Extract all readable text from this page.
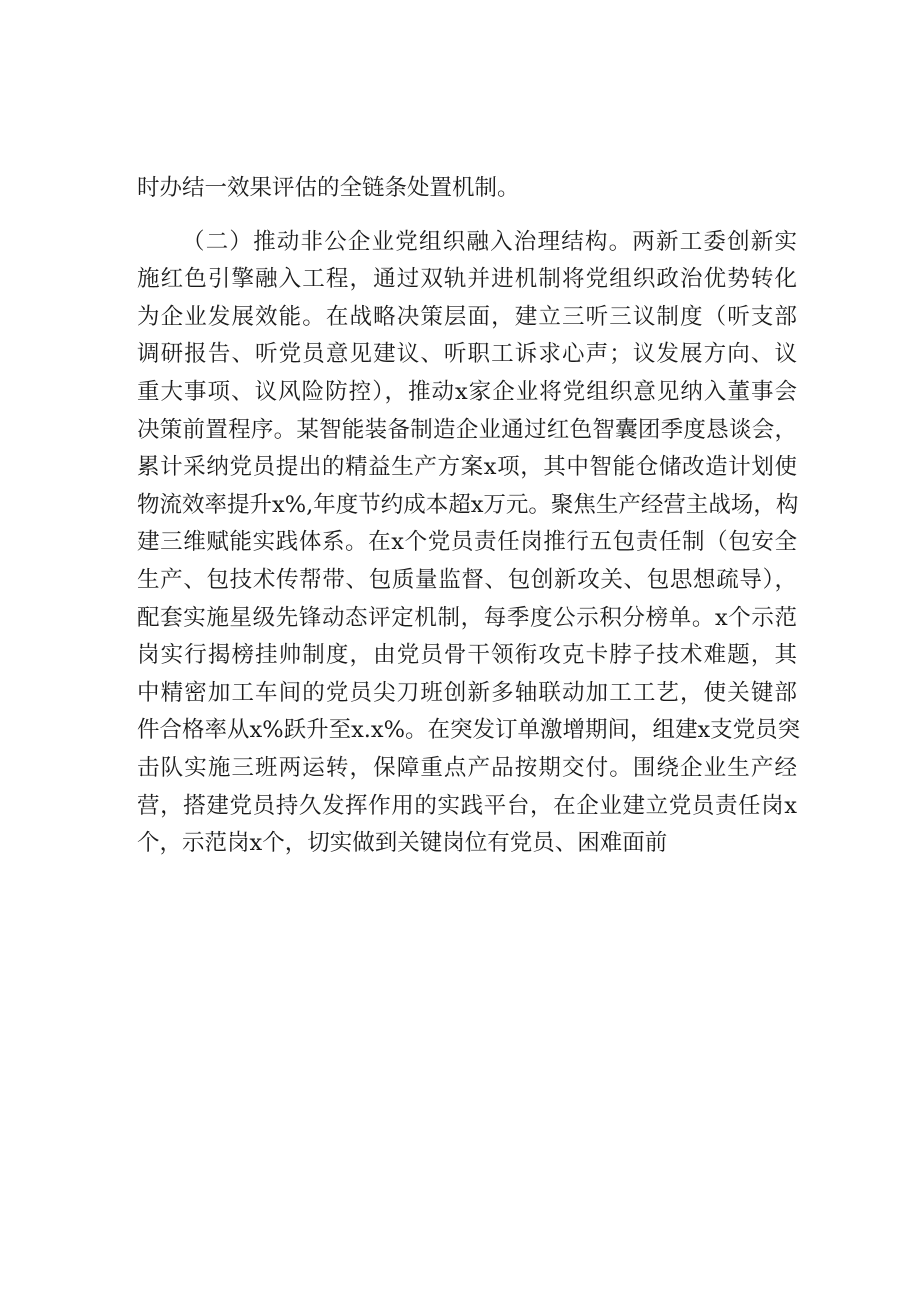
时办结一效果评估的全链条处置机制。
（二）推动非公企业党组织融入治理结构。两新工委创新实
施红色引擎融入工程，通过双轨并进机制将党组织政治优势转化
为企业发展效能。在战略决策层面，建立三听三议制度（听支部
调研报告、听党员意见建议、听职工诉求心声；议发展方向、议
重大事项、议风险防控），推动x家企业将党组织意见纳入董事会
决策前置程序。某智能装备制造企业通过红色智囊团季度恳谈会，
累计采纳党员提出的精益生产方案x项，其中智能仓储改造计划使
物流效率提升x%,年度节约成本超x万元。聚焦生产经营主战场，构
建三维赋能实践体系。在x个党员责任岗推行五包责任制（包安全
生产、包技术传帮带、包质量监督、包创新攻关、包思想疏导），
配套实施星级先锋动态评定机制，每季度公示积分榜单。x个示范
岗实行揭榜挂帅制度，由党员骨干领衔攻克卡脖子技术难题，其
中精密加工车间的党员尖刀班创新多轴联动加工工艺，使关键部
件合格率从x%跃升至x.x%。在突发订单激增期间，组建x支党员突
击队实施三班两运转，保障重点产品按期交付。围绕企业生产经
营，搭建党员持久发挥作用的实践平台，在企业建立党员责任岗x
个，示范岗x个，切实做到关键岗位有党员、困难面前
